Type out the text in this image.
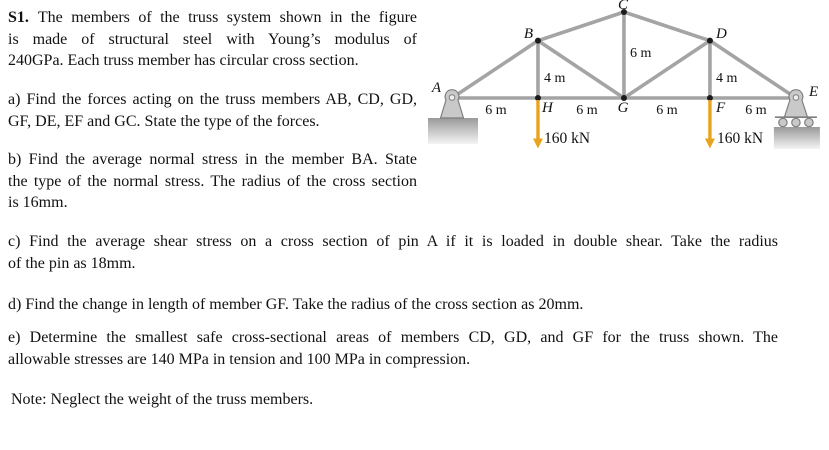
S1. The members of the truss system shown in the figure
is made of structural steel with Young’s modulus of
240GPa. Each truss member has circular cross section.
a) Find the forces acting on the truss members AB, CD, GD,
GF, DE, EF and GC. State the type of the forces.
b) Find the average normal stress in the member BA. State
the type of the normal stress. The radius of the cross section
is 16mm.
c) Find the average shear stress on a cross section of pin A if it is loaded in double shear. Take the radius
of the pin as 18mm.
d) Find the change in length of member GF. Take the radius of the cross section as 20mm.
e) Determine the smallest safe cross-sectional areas of members CD, GD, and GF for the truss shown. The
allowable stresses are 140 MPa in tension and 100 MPa in compression.
Note: Neglect the weight of the truss members.
160 kN	160 kN
6 m	6 m	6 m	6 m
4 m
6 m
4 m
A
H	G	F
E
B
C
D
